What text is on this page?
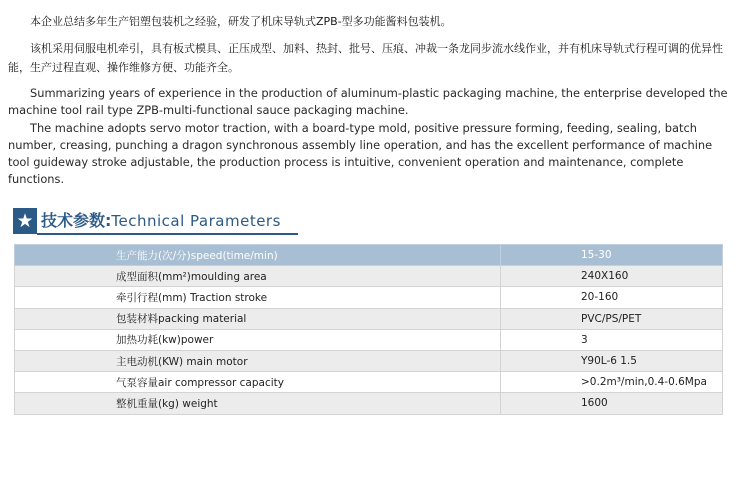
本企业总结多年生产铝塑包装机之经验，研发了机床导轨式ZPB-型多功能酱料包装机。
该机采用伺服电机牵引，具有板式模具、正压成型、加料、热封、批号、压痕、冲裁一条龙同步流水线作业，并有机床导轨式行程可调的优异性能，生产过程直观、操作维修方便、功能齐全。
Summarizing years of experience in the production of aluminum-plastic packaging machine, the enterprise developed the machine tool rail type ZPB-multi-functional sauce packaging machine.
The machine adopts servo motor traction, with a board-type mold, positive pressure forming, feeding, sealing, batch number, creasing, punching a dragon synchronous assembly line operation, and has the excellent performance of machine tool guideway stroke adjustable, the production process is intuitive, convenient operation and maintenance, complete functions.
★ 技术参数:Technical Parameters
生产能力(次/分)speed(time/min)	15-30
成型面积(mm²)moulding area	240X160
牵引行程(mm) Traction stroke	20-160
包装材料packing material	PVC/PS/PET
加热功耗(kw)power	3
主电动机(KW) main motor	Y90L-6 1.5
气泵容量air compressor capacity	>0.2m³/min,0.4-0.6Mpa
整机重量(kg) weight	1600
